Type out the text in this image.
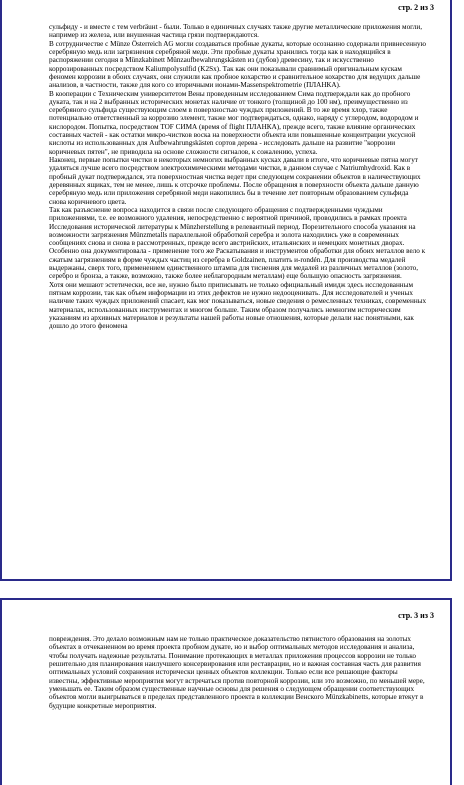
стр. 2 из 3

сульфиду - и вместе с тем verbräuнt - были. Только в единичных случаях также другие металлические приложения могли, например из железа, или внушенная частица грязи подтверждаются.

В сотрудничестве с Münze Österreich AG могли создаваться пробные дукаты, которые осознанно содержали привнесенную серебряную медь или загрязнения серебряной меди. Эти пробные дукаты хранились тогда как в находящийся в распоряжении сегодня в Münzkabinett Münzaufbewahrungskästen из (дубов) древесину, так и искусственно коррозированных посредством Kaliumpolysulfid (K2Sx). Так как они показывали сравнимый оригинальным кускам феномен коррозии в обоих случаях, они служили как пробное кохарство и сравнительное кохарство для ведущих дальше анализов, в частности, также для кого со вторичными ионами-Massenspektrometrie (ПЛАНКА).

В кооперации с Техническим университетом Вены проведенным исследованием Сима подтверждали как до пробного дуката, так и на 2 выбранных исторических монетах наличие от тонкого (толщиной до 100 нм), преимущественно из серебряного сульфида существующим слоем в поверхностью чуждых приложений. В то же время хлор, также потенциально ответственный за коррозию элемент, также мог подтверждаться, однако, наряду с углеродом, водородом и кислородом. Попытка, посредством TOF СИМА (время of flight ПЛАНКА), прежде всего, также влияние органических составных частей - как остатки микро-чистков воска на поверхности объекта или повышенные концентрации уксусной кислоты из использованных для Aufbewahrungskästen сортов дерева - исследовать дальше на развитие "коррозии коричневых пятен", не приводила на основе сложности сигналов, к сожалению, успеха.

Наконец, первые попытки чистки в некоторых немногих выбранных кусках давали в итоге, что коричневые пятна могут удаляться лучше всего посредством электрохимическими методами чистки, в данном случае с Natriumhydroxid. Как в пробный дукат подтверждался, эта поверхностная чистка ведет при следующем сохранении объектов в наличествующих деревянных ящиках, тем не менее, лишь к отсрочке проблемы. После обращения в поверхности объекта дальше данную серебряную медь или приложения серебряной меди накопились бы в течение лет повторным образованием сульфида снова коричневого цвета.

Так как разъяснение вопроса находится в связи после следующего обращения с подтвержденными чуждыми приложениями, т.е. ее возможного удаления, непосредственно с вероятной причиной, проводились в рамках проекта Исследования исторической литературы к Münzherstellung в релевантный период. Порезительного способа указания на возможности загрязнения Münzmetalls параллельной обработкой серебра и золота находились уже в современных сообщениях снова и снова в рассмотренных, прежде всего австрийских, итальянских и немецких монетных дворах. Особенно она документировала - применение того же Раскатывания и инструментов обработки для обоих металлов вело к сжатым загрязнениям в форме чуждых частиц из серебра в Goldzainen, платить и-rondén. Для производства медалей выдержаны, сверх того, применением единственного штампа для тиснения для медалей из различных металлов (золото, серебро и бронза, а также, возможно, также более неблагородным металлам) еще большую опасность загрязнения.

Хотя они мешают эстетически, все же, нужно было приписывать не только официальный имидж здесь исследованным пятнам коррозии, так как объем информации из этих дефектов не нужно недооценивать. Для исследователей и ученых наличие таких чуждых приложений спасает, как мог показываться, новые сведения о ремесленных техниках, современных материалах, использованных инструментах и многом больше. Таким образом получались немногим историческим указаниям из архивных материалов и результаты нашей работы новые отношения, которые делали нас понятными, как дошло до этого феномена

стр. 3 из 3

повреждения. Это делало возможным нам не только практическое доказательство пятнистого образования на золотых объектах в отчеканенном во время проекта пробном дукате, но и выбор оптимальных методов исследования и анализа, чтобы получать надежные результаты. Понимание протекающих в металлах приложения процессов коррозии не только решительно для планирования наилучшего консервирования или реставрации, но и важная составная часть для развития оптимальных условий сохранения исторически ценных объектов коллекции. Только если все решающие факторы известны, эффективные мероприятия могут встречаться против повторной коррозии, или это возможно, по меньшей мере, уменьшать ее. Таким образом существенные научные основы для решения о следующем обращении соответствующих объектов могли выигрываться в пределах представленного проекта в коллекции Венского Münzkabinetts, которые втекут в будущие конкретные мероприятия.
